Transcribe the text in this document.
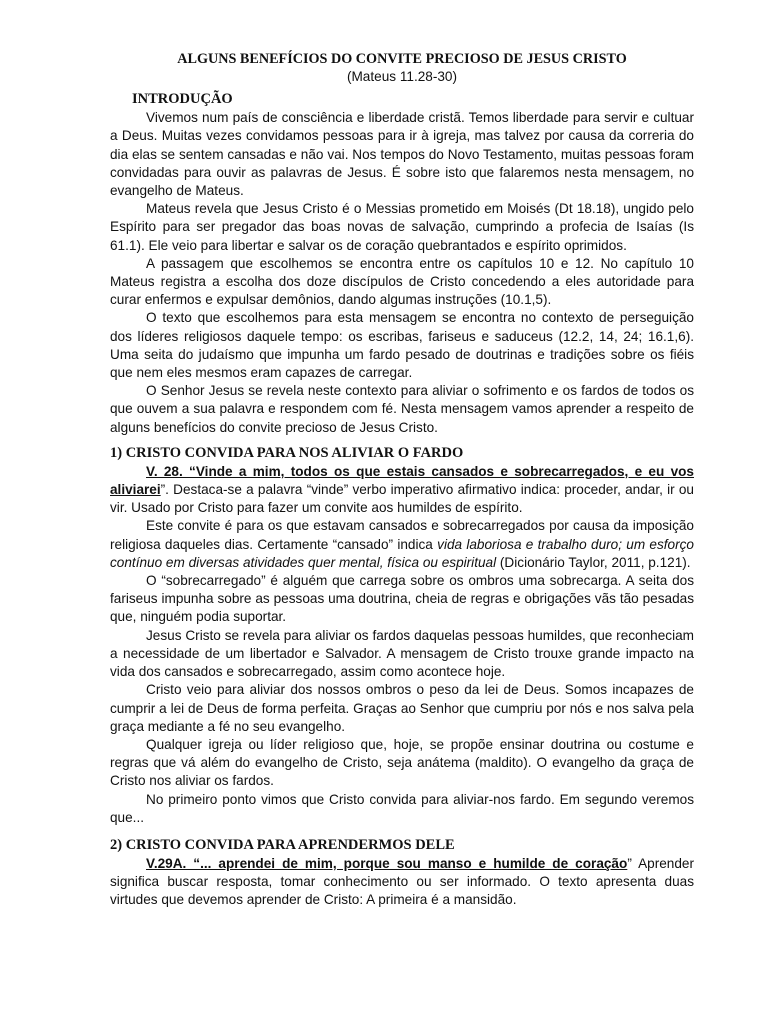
ALGUNS BENEFÍCIOS DO CONVITE PRECIOSO DE JESUS CRISTO
(Mateus 11.28-30)
INTRODUÇÃO

Vivemos num país de consciência e liberdade cristã. Temos liberdade para servir e cultuar a Deus. Muitas vezes convidamos pessoas para ir à igreja, mas talvez por causa da correria do dia elas se sentem cansadas e não vai. Nos tempos do Novo Testamento, muitas pessoas foram convidadas para ouvir as palavras de Jesus. É sobre isto que falaremos nesta mensagem, no evangelho de Mateus.

Mateus revela que Jesus Cristo é o Messias prometido em Moisés (Dt 18.18), ungido pelo Espírito para ser pregador das boas novas de salvação, cumprindo a profecia de Isaías (Is 61.1). Ele veio para libertar e salvar os de coração quebrantados e espírito oprimidos.

A passagem que escolhemos se encontra entre os capítulos 10 e 12. No capítulo 10 Mateus registra a escolha dos doze discípulos de Cristo concedendo a eles autoridade para curar enfermos e expulsar demônios, dando algumas instruções (10.1,5).

O texto que escolhemos para esta mensagem se encontra no contexto de perseguição dos líderes religiosos daquele tempo: os escribas, fariseus e saduceus (12.2, 14, 24; 16.1,6). Uma seita do judaísmo que impunha um fardo pesado de doutrinas e tradições sobre os fiéis que nem eles mesmos eram capazes de carregar.

O Senhor Jesus se revela neste contexto para aliviar o sofrimento e os fardos de todos os que ouvem a sua palavra e respondem com fé. Nesta mensagem vamos aprender a respeito de alguns benefícios do convite precioso de Jesus Cristo.

1) CRISTO CONVIDA PARA NOS ALIVIAR O FARDO

V. 28. “Vinde a mim, todos os que estais cansados e sobrecarregados, e eu vos aliviarei”. Destaca-se a palavra “vinde” verbo imperativo afirmativo indica: proceder, andar, ir ou vir. Usado por Cristo para fazer um convite aos humildes de espírito.

Este convite é para os que estavam cansados e sobrecarregados por causa da imposição religiosa daqueles dias. Certamente “cansado” indica vida laboriosa e trabalho duro; um esforço contínuo em diversas atividades quer mental, física ou espiritual (Dicionário Taylor, 2011, p.121).

O “sobrecarregado” é alguém que carrega sobre os ombros uma sobrecarga. A seita dos fariseus impunha sobre as pessoas uma doutrina, cheia de regras e obrigações vãs tão pesadas que, ninguém podia suportar.

Jesus Cristo se revela para aliviar os fardos daquelas pessoas humildes, que reconheciam a necessidade de um libertador e Salvador. A mensagem de Cristo trouxe grande impacto na vida dos cansados e sobrecarregado, assim como acontece hoje.

Cristo veio para aliviar dos nossos ombros o peso da lei de Deus. Somos incapazes de cumprir a lei de Deus de forma perfeita. Graças ao Senhor que cumpriu por nós e nos salva pela graça mediante a fé no seu evangelho.

Qualquer igreja ou líder religioso que, hoje, se propõe ensinar doutrina ou costume e regras que vá além do evangelho de Cristo, seja anátema (maldito). O evangelho da graça de Cristo nos aliviar os fardos.

No primeiro ponto vimos que Cristo convida para aliviar-nos fardo. Em segundo veremos que...

2) CRISTO CONVIDA PARA APRENDERMOS DELE

V.29A. “... aprendei de mim, porque sou manso e humilde de coração” Aprender significa buscar resposta, tomar conhecimento ou ser informado. O texto apresenta duas virtudes que devemos aprender de Cristo: A primeira é a mansidão.
